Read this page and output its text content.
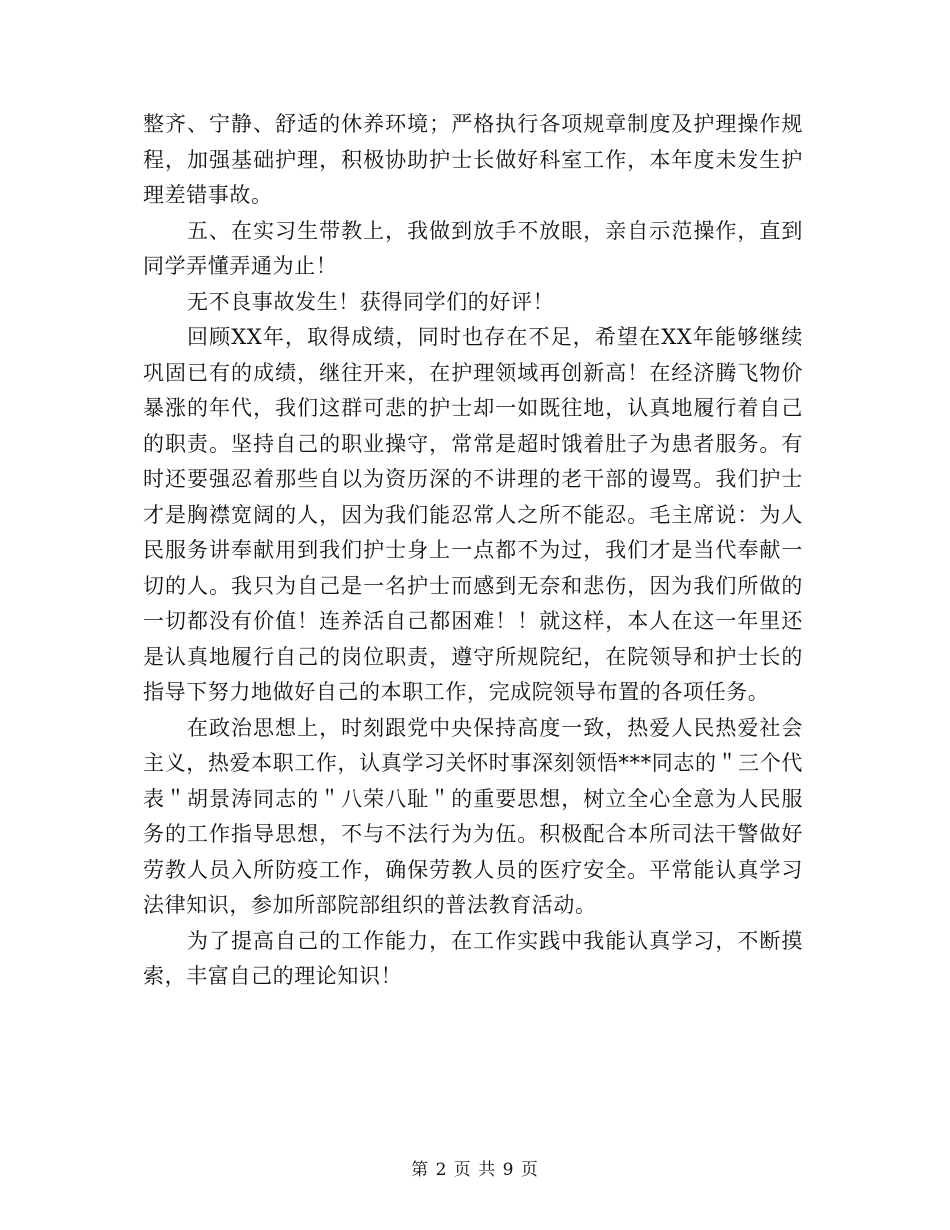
整齐、宁静、舒适的休养环境；严格执行各项规章制度及护理操作规程，加强基础护理，积极协助护士长做好科室工作，本年度未发生护理差错事故。

五、在实习生带教上，我做到放手不放眼，亲自示范操作，直到同学弄懂弄通为止！

无不良事故发生！获得同学们的好评！

回顾XX年，取得成绩，同时也存在不足，希望在XX年能够继续巩固已有的成绩，继往开来，在护理领域再创新高！在经济腾飞物价暴涨的年代，我们这群可悲的护士却一如既往地，认真地履行着自己的职责。坚持自己的职业操守，常常是超时饿着肚子为患者服务。有时还要强忍着那些自以为资历深的不讲理的老干部的谩骂。我们护士才是胸襟宽阔的人，因为我们能忍常人之所不能忍。毛主席说：为人民服务讲奉献用到我们护士身上一点都不为过，我们才是当代奉献一切的人。我只为自己是一名护士而感到无奈和悲伤，因为我们所做的一切都没有价值！连养活自己都困难！！就这样，本人在这一年里还是认真地履行自己的岗位职责，遵守所规院纪，在院领导和护士长的指导下努力地做好自己的本职工作，完成院领导布置的各项任务。

在政治思想上，时刻跟党中央保持高度一致，热爱人民热爱社会主义，热爱本职工作，认真学习关怀时事深刻领悟***同志的＂三个代表＂胡景涛同志的＂八荣八耻＂的重要思想，树立全心全意为人民服务的工作指导思想，不与不法行为为伍。积极配合本所司法干警做好劳教人员入所防疫工作，确保劳教人员的医疗安全。平常能认真学习法律知识，参加所部院部组织的普法教育活动。

为了提高自己的工作能力，在工作实践中我能认真学习，不断摸索，丰富自己的理论知识！

第 2 页 共 9 页
